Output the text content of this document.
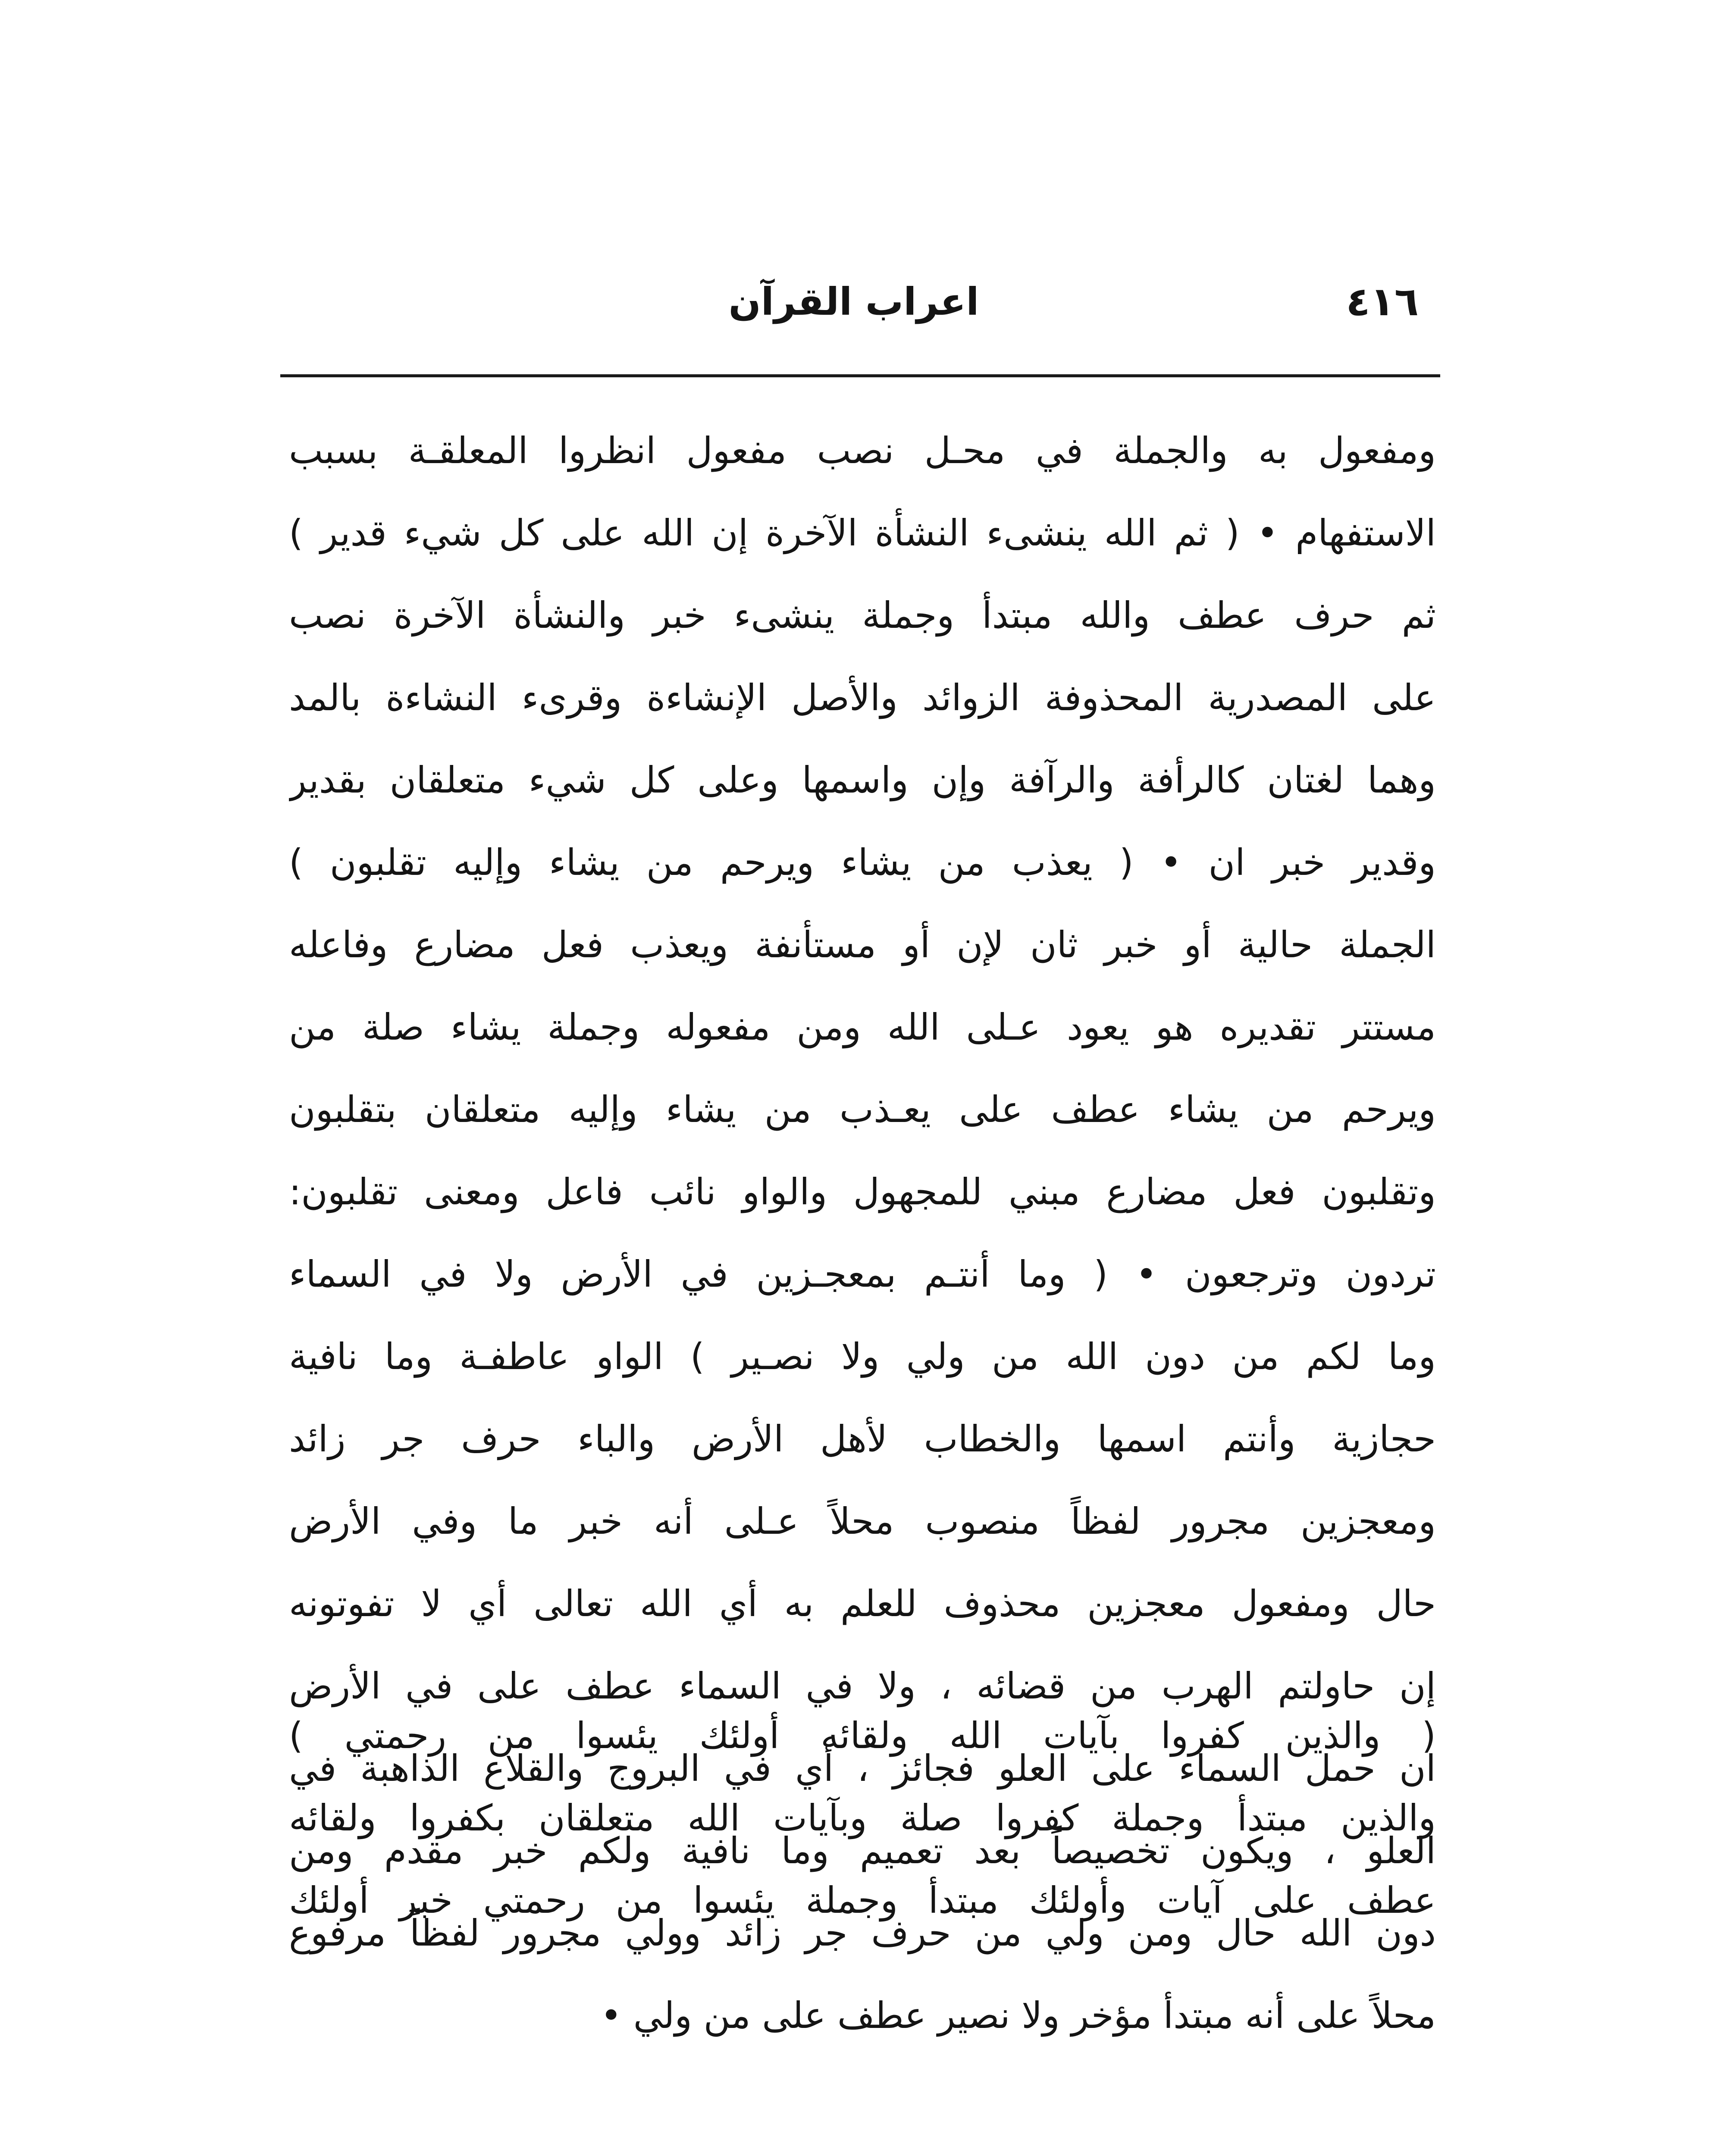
٤١٦
اعراب القرآن
ومفعول به والجملة في محـل نصب مفعول انظروا المعلقـة بسبب
الاستفهام • ( ثم الله ينشىء النشأة الآخرة إن الله على كل شيء قدير )
ثم حرف عطف والله مبتدأ وجملة ينشىء خبر والنشأة الآخرة نصب
على المصدرية المحذوفة الزوائد والأصل الإنشاءة وقرىء النشاءة بالمد
وهما لغتان كالرأفة والرآفة وإن واسمها وعلى كل شيء متعلقان بقدير
وقدير خبر ان • ( يعذب من يشاء ويرحم من يشاء وإليه تقلبون )
الجملة حالية أو خبر ثان لإن أو مستأنفة ويعذب فعل مضارع وفاعله
مستتر تقديره هو يعود عـلى الله ومن مفعوله وجملة يشاء صلة من
ويرحم من يشاء عطف على يعـذب من يشاء وإليه متعلقان بتقلبون
وتقلبون فعل مضارع مبني للمجهول والواو نائب فاعل ومعنى تقلبون:
تردون وترجعون • ( وما أنتـم بمعجـزين في الأرض ولا في السماء
وما لكم من دون الله من ولي ولا نصـير ) الواو عاطفـة وما نافية
حجازية وأنتم اسمها والخطاب لأهل الأرض والباء حرف جر زائد
ومعجزين مجرور لفظاً منصوب محلاً عـلى أنه خبر ما وفي الأرض
حال ومفعول معجزين محذوف للعلم به أي الله تعالى أي لا تفوتونه
إن حاولتم الهرب من قضائه ، ولا في السماء عطف على في الأرض
ان حمل السماء على العلو فجائز ، أي في البروج والقلاع الذاهبة في
العلو ، ويكون تخصيصاً بعد تعميم وما نافية ولكم خبر مقدم ومن
دون الله حال ومن ولي من حرف جر زائد وولي مجرور لفظاً مرفوع
محلاً على أنه مبتدأ مؤخر ولا نصير عطف على من ولي •
( والذين كفروا بآيات الله ولقائه أولئك يئسوا من رحمتي )
والذين مبتدأ وجملة كفروا صلة وبآيات الله متعلقان بكفروا ولقائه
عطف على آيات وأولئك مبتدأ وجملة يئسوا من رحمتي خبر أولئك
